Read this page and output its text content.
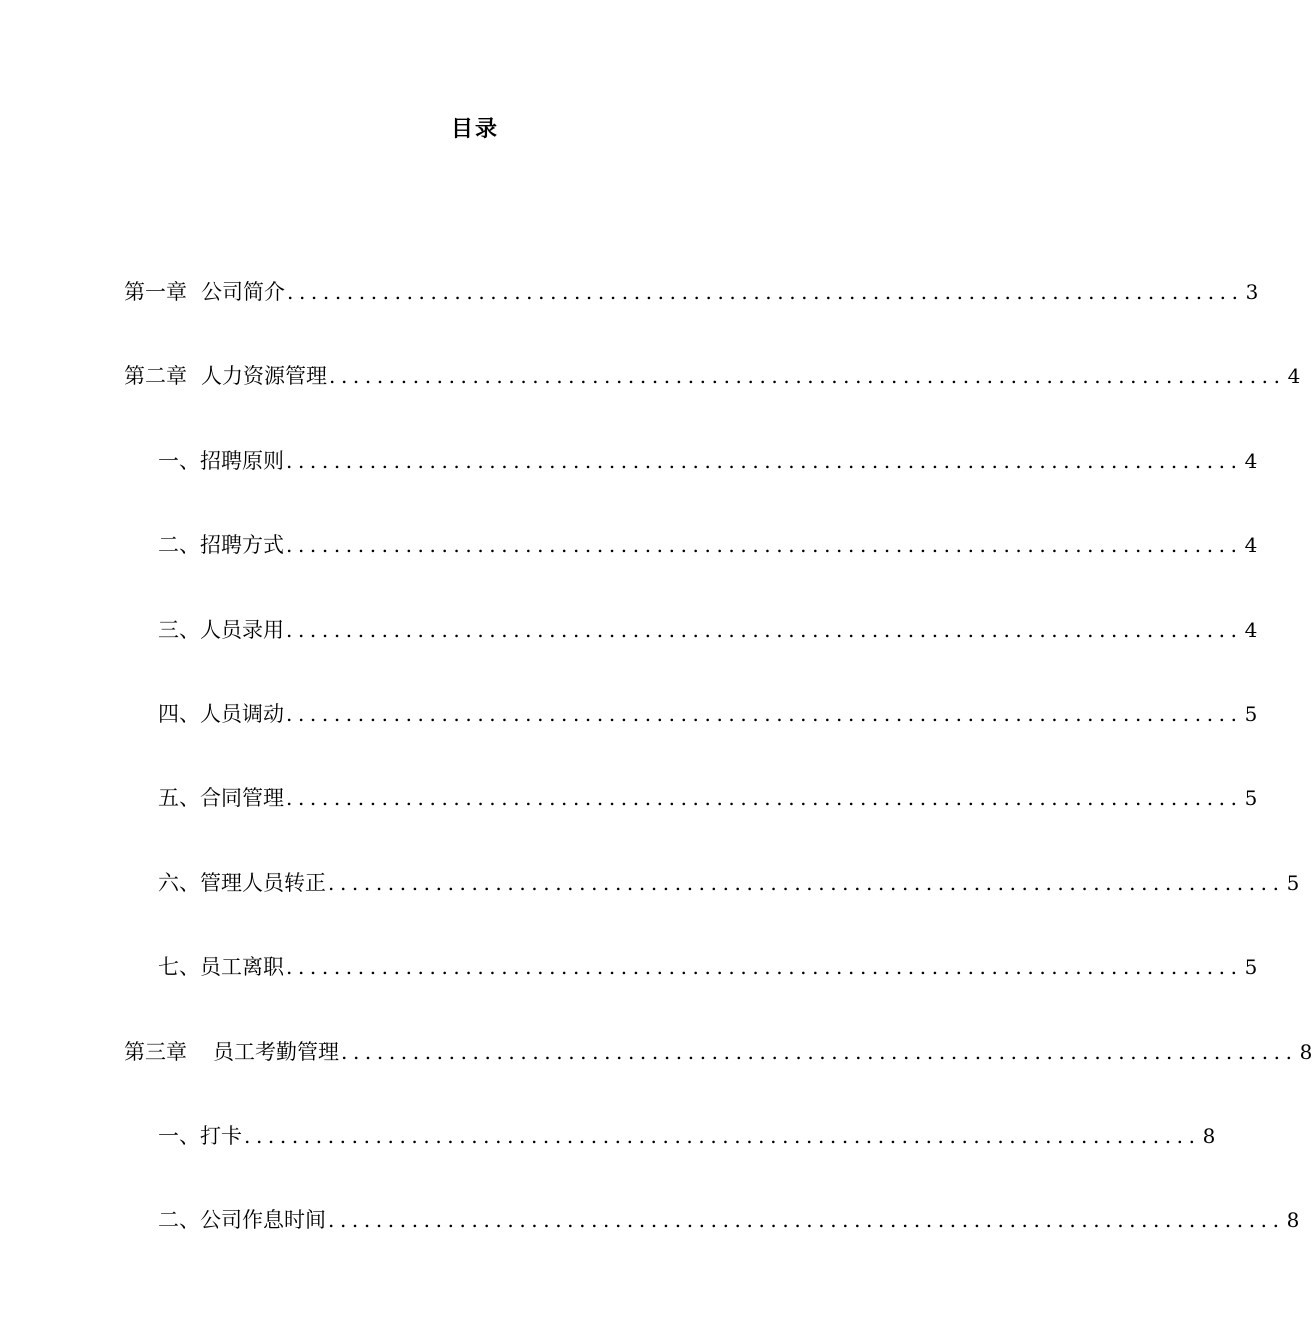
目录
第一章 公司简介 ................................................................................ 3
第二章 人力资源管理 ................................................................................ 4
一、招聘原则 ................................................................................ 4
二、招聘方式 ................................................................................ 4
三、人员录用 ................................................................................ 4
四、人员调动 ................................................................................ 5
五、合同管理 ................................................................................ 5
六、管理人员转正 ................................................................................ 5
七、员工离职 ................................................................................ 5
第三章 员工考勤管理 ................................................................................ 8
一、打卡 ................................................................................ 8
二、公司作息时间 ................................................................................ 8
